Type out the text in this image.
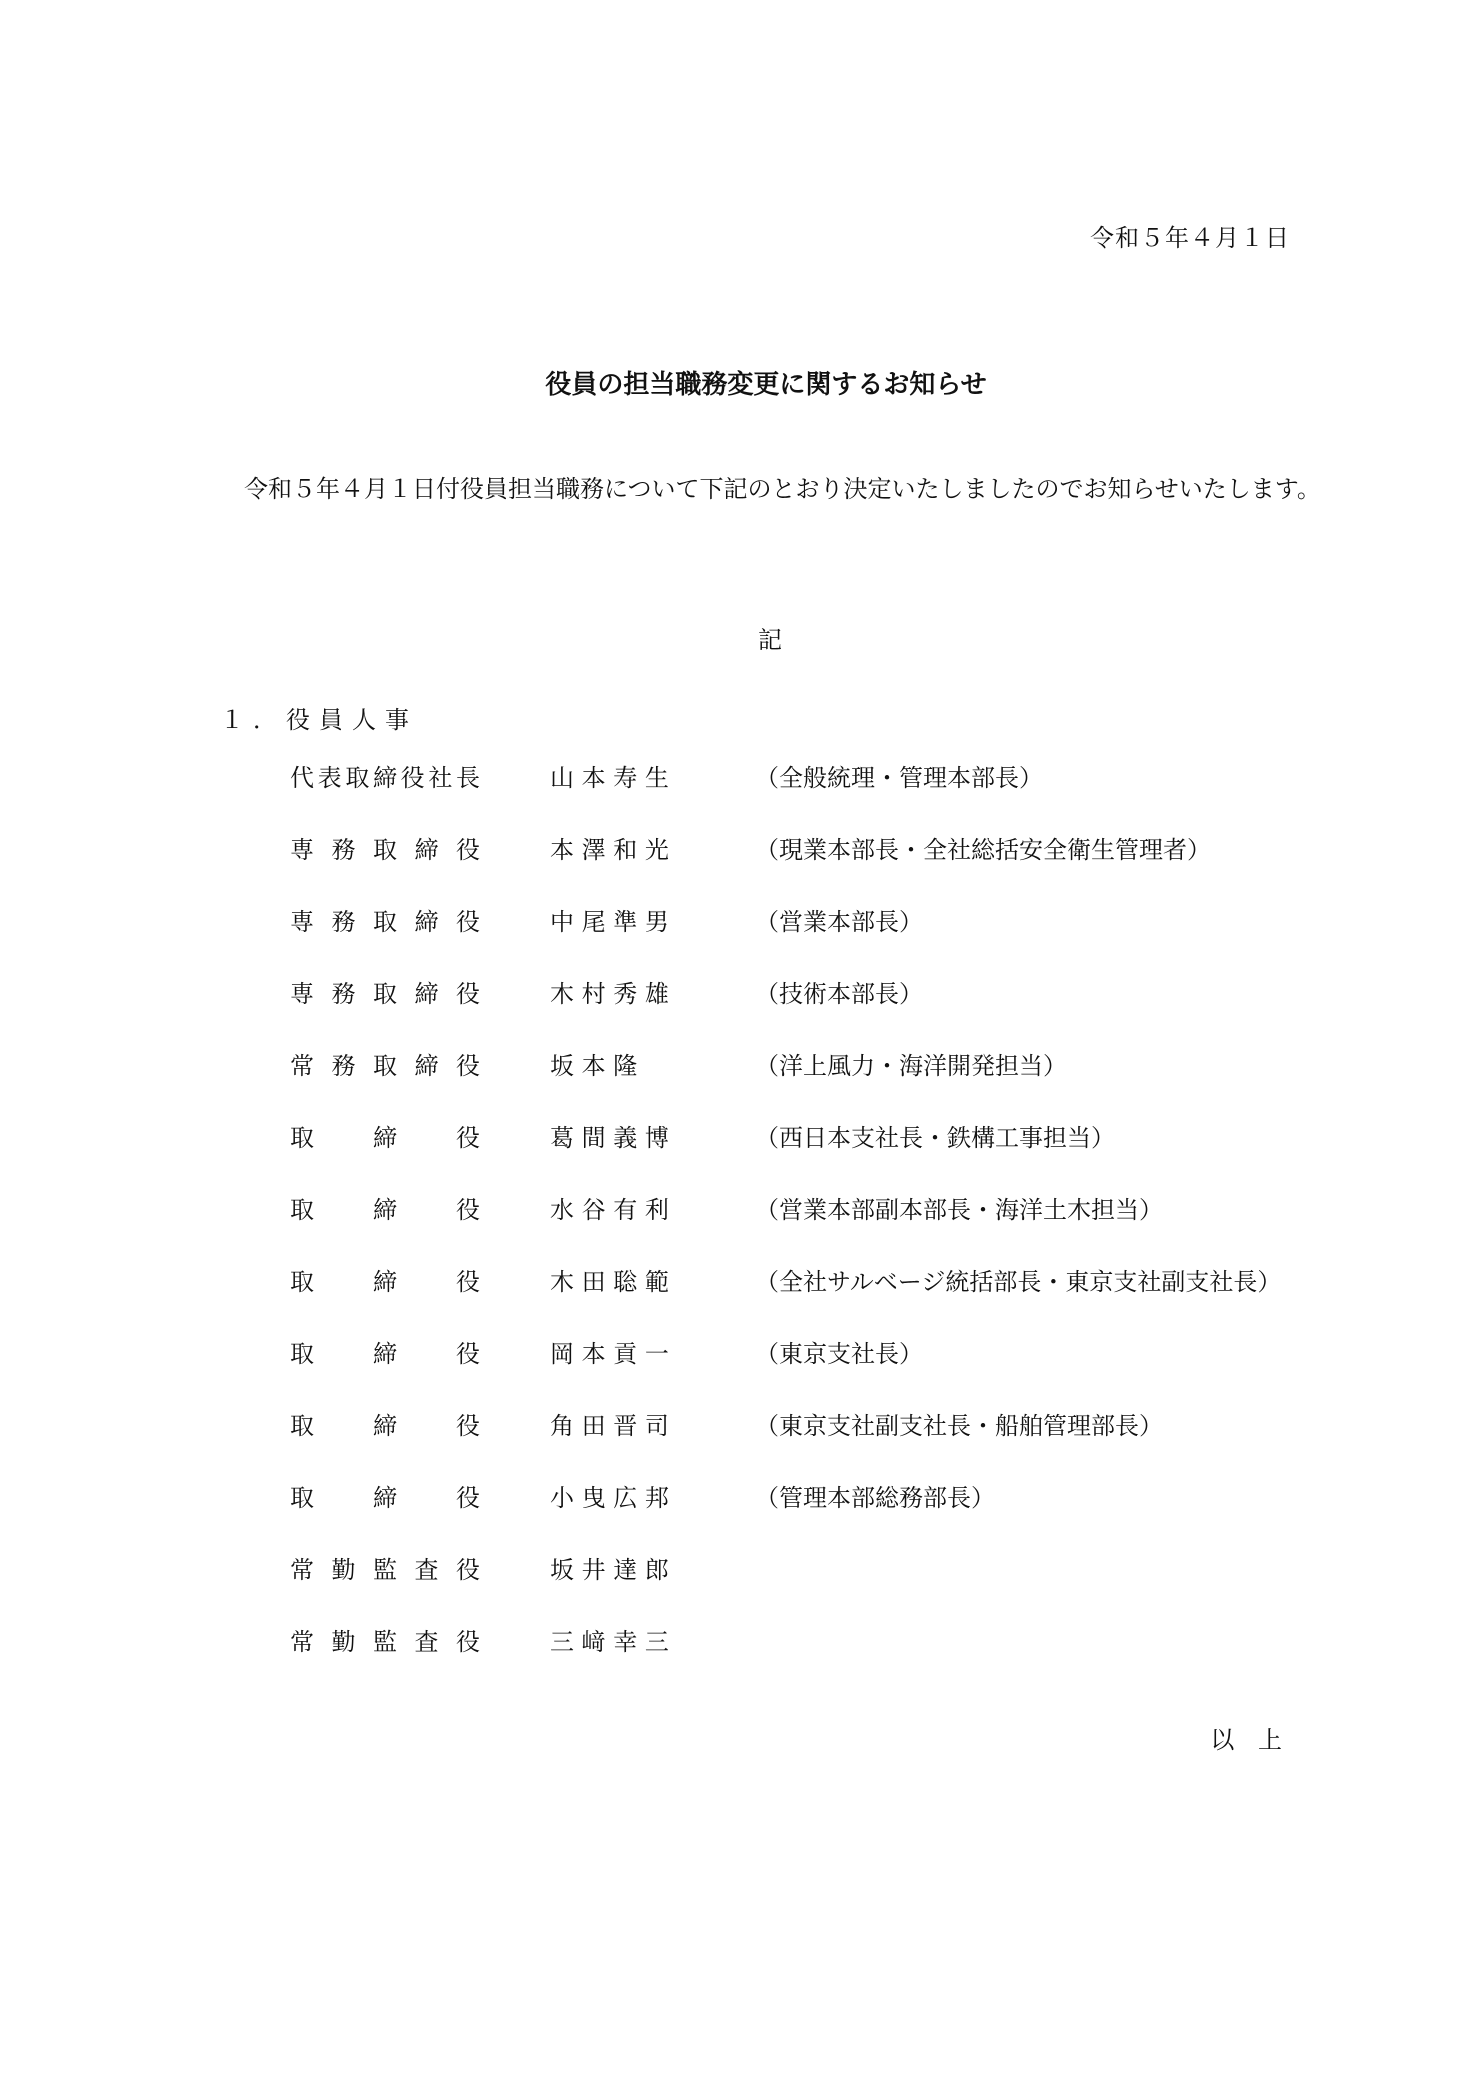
令和５年４月１日
役員の担当職務変更に関するお知らせ
令和５年４月１日付役員担当職務について下記のとおり決定いたしましたのでお知らせいたします。
記
１．役員人事
代表取締役社長	山 本 寿 生	（全般統理・管理本部長）
専務取締役	本 澤 和 光	（現業本部長・全社総括安全衛生管理者）
専務取締役	中 尾 準 男	（営業本部長）
専務取締役	木 村 秀 雄	（技術本部長）
常務取締役	坂 本 隆	（洋上風力・海洋開発担当）
取締役	葛 間 義 博	（西日本支社長・鉄構工事担当）
取締役	水 谷 有 利	（営業本部副本部長・海洋土木担当）
取締役	木 田 聡 範	（全社サルベージ統括部長・東京支社副支社長）
取締役	岡 本 貢 一	（東京支社長）
取締役	角 田 晋 司	（東京支社副支社長・船舶管理部長）
取締役	小 曳 広 邦	（管理本部総務部長）
常勤監査役	坂 井 達 郎
常勤監査役	三 﨑 幸 三
以 上
